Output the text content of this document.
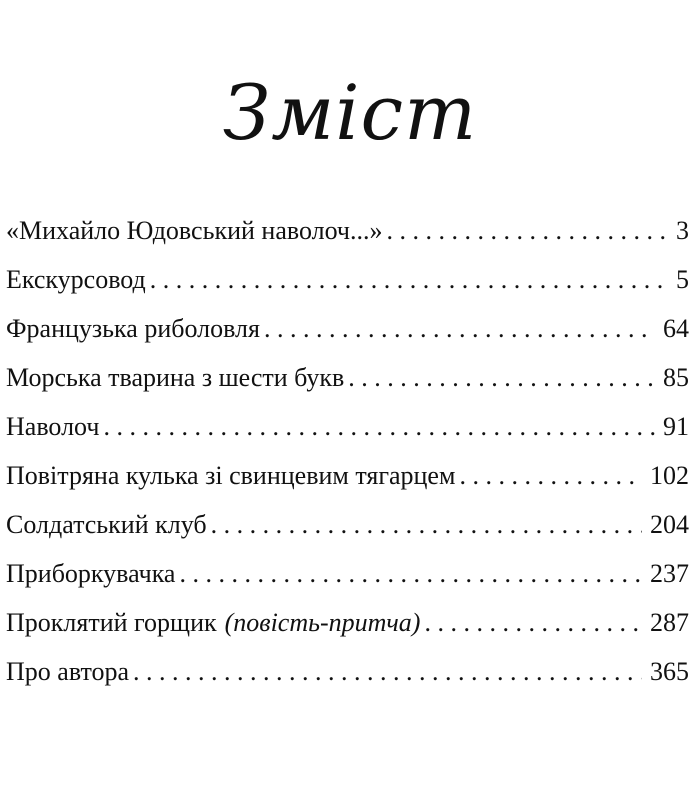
Зміст
«Михайло Юдовський наволоч...» . . .	3
Екскурсовод . . .	5
Французька риболовля . . .	64
Морська тварина з шести букв . . .	85
Наволоч . . .	91
Повітряна кулька зі свинцевим тягарцем . . .	102
Солдатський клуб . . .	204
Приборкувачка . . .	237
Проклятий горщик (повість-притча) . . .	287
Про автора . . .	365
